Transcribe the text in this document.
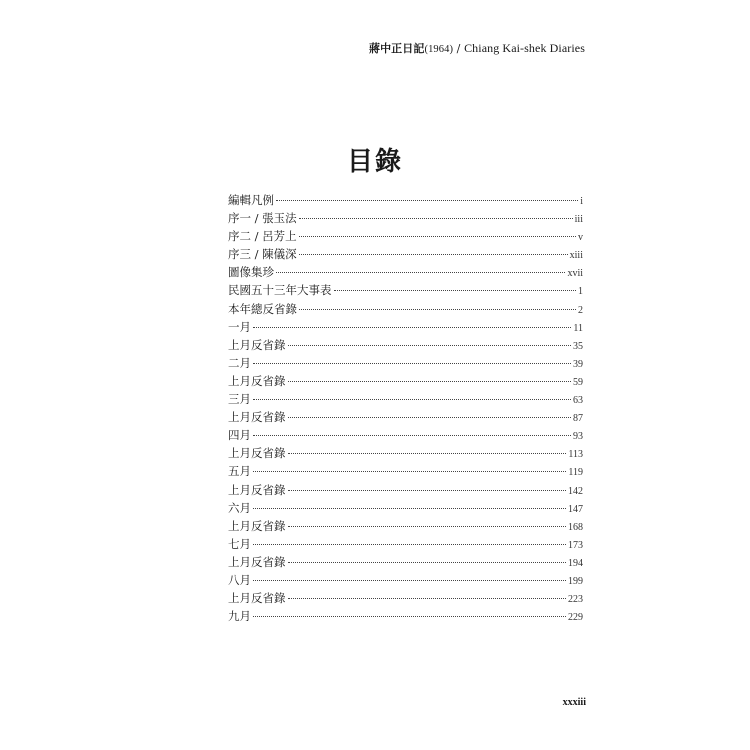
蔣中正日記(1964) / Chiang Kai-shek Diaries
目錄
編輯凡例	i
序一 / 張玉法	iii
序二 / 呂芳上	v
序三 / 陳儀深	xiii
圖像集珍	xvii
民國五十三年大事表	1
本年總反省錄	2
一月	11
上月反省錄	35
二月	39
上月反省錄	59
三月	63
上月反省錄	87
四月	93
上月反省錄	113
五月	119
上月反省錄	142
六月	147
上月反省錄	168
七月	173
上月反省錄	194
八月	199
上月反省錄	223
九月	229
xxxiii
